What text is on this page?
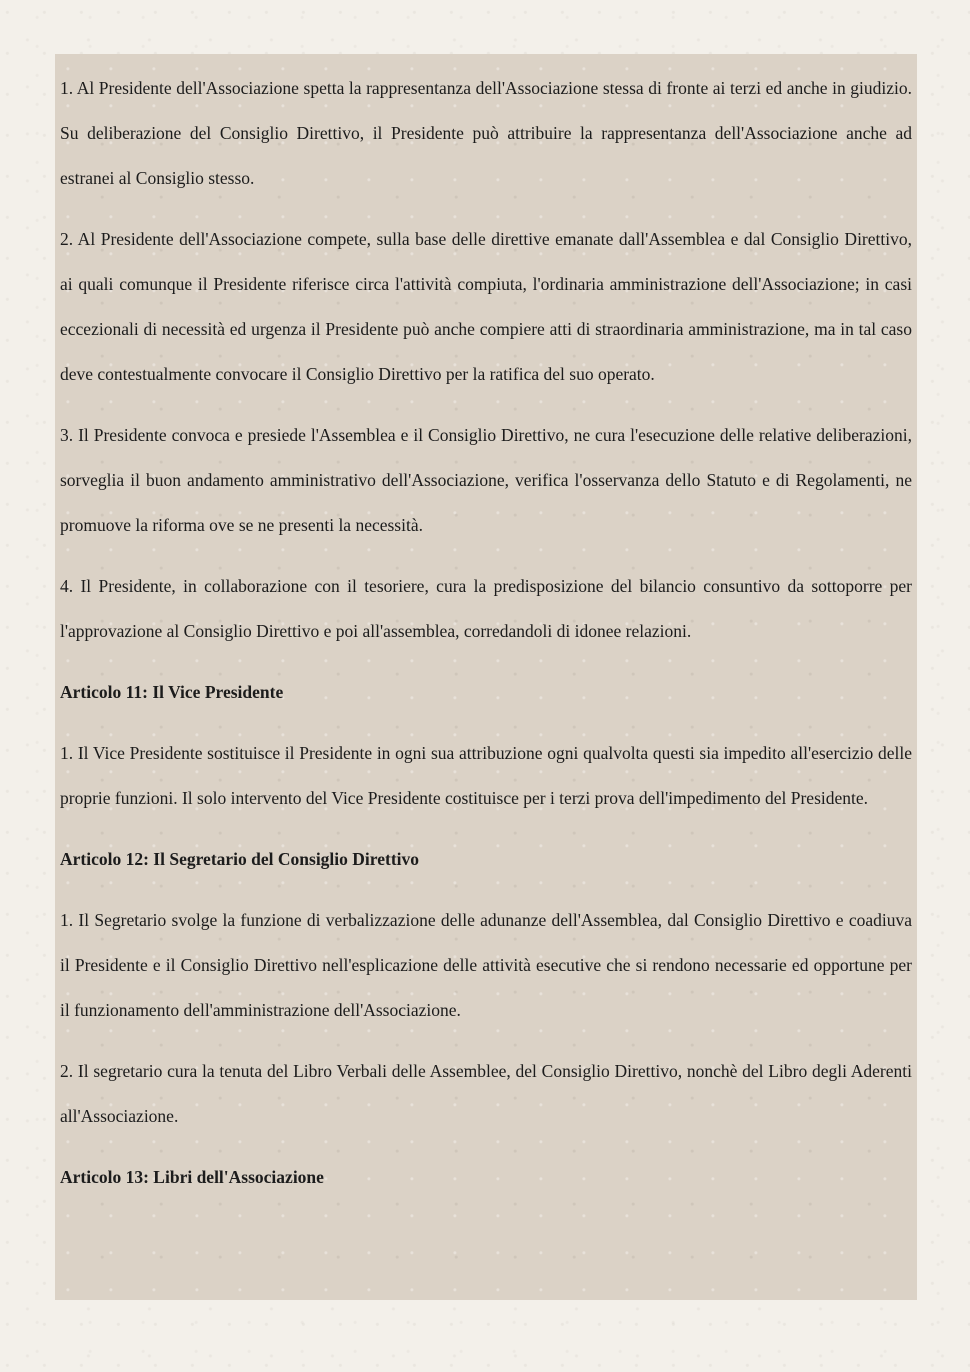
1. Al Presidente dell'Associazione spetta la rappresentanza dell'Associazione stessa di fronte ai terzi ed anche in giudizio. Su deliberazione del Consiglio Direttivo, il Presidente può attribuire la rappresentanza dell'Associazione anche ad estranei al Consiglio stesso.

2. Al Presidente dell'Associazione compete, sulla base delle direttive emanate dall'Assemblea e dal Consiglio Direttivo, ai quali comunque il Presidente riferisce circa l'attività compiuta, l'ordinaria amministrazione dell'Associazione; in casi eccezionali di necessità ed urgenza il Presidente può anche compiere atti di straordinaria amministrazione, ma in tal caso deve contestualmente convocare il Consiglio Direttivo per la ratifica del suo operato.

3. Il Presidente convoca e presiede l'Assemblea e il Consiglio Direttivo, ne cura l'esecuzione delle relative deliberazioni, sorveglia il buon andamento amministrativo dell'Associazione, verifica l'osservanza dello Statuto e di Regolamenti, ne promuove la riforma ove se ne presenti la necessità.

4. Il Presidente, in collaborazione con il tesoriere, cura la predisposizione del bilancio consuntivo da sottoporre per l'approvazione al Consiglio Direttivo e poi all'assemblea, corredandoli di idonee relazioni.

Articolo 11: Il Vice Presidente

1. Il Vice Presidente sostituisce il Presidente in ogni sua attribuzione ogni qualvolta questi sia impedito all'esercizio delle proprie funzioni. Il solo intervento del Vice Presidente costituisce per i terzi prova dell'impedimento del Presidente.

Articolo 12: Il Segretario del Consiglio Direttivo

1. Il Segretario svolge la funzione di verbalizzazione delle adunanze dell'Assemblea, dal Consiglio Direttivo e coadiuva il Presidente e il Consiglio Direttivo nell'esplicazione delle attività esecutive che si rendono necessarie ed opportune per il funzionamento dell'amministrazione dell'Associazione.

2. Il segretario cura la tenuta del Libro Verbali delle Assemblee, del Consiglio Direttivo, nonchè del Libro degli Aderenti all'Associazione.

Articolo 13: Libri dell'Associazione
